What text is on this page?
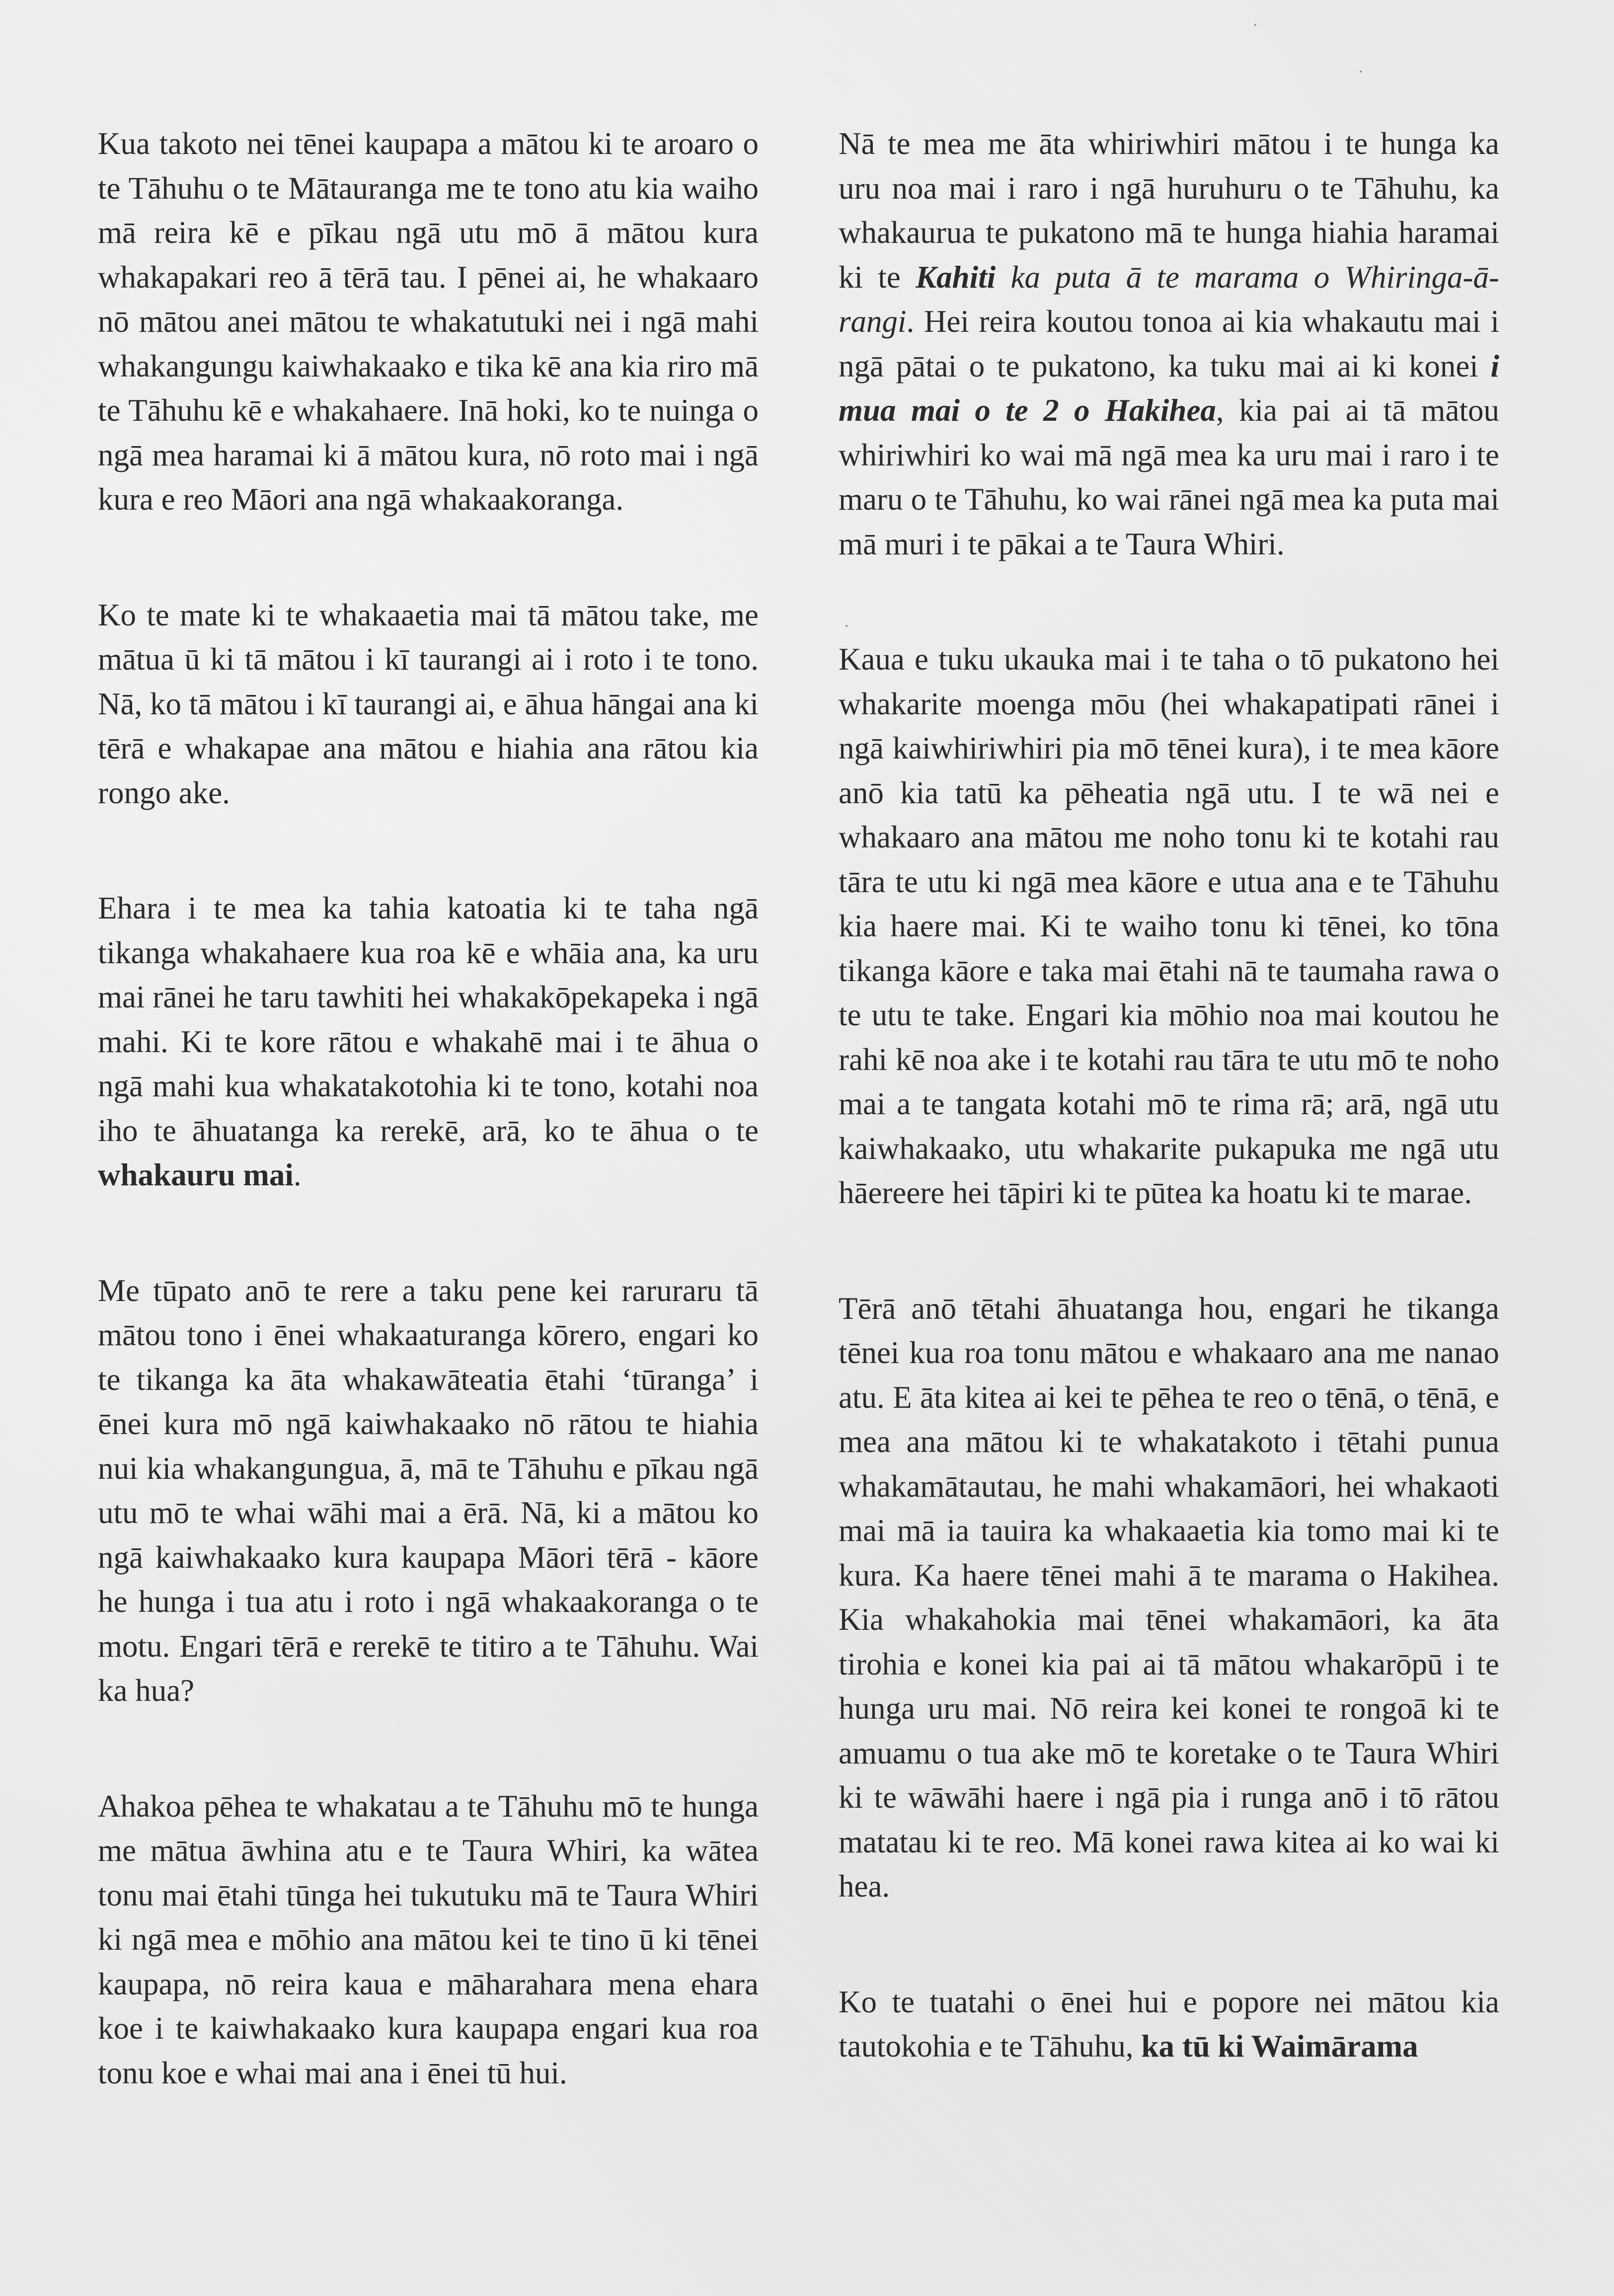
Kua takoto nei tēnei kaupapa a mātou ki te aroaro o te Tāhuhu o te Mātauranga me te tono atu kia waiho mā reira kē e pīkau ngā utu mō ā mātou kura whakapakari reo ā tērā tau. I pēnei ai, he whakaaro nō mātou anei mātou te whakatutuki nei i ngā mahi whakangungu kaiwhakaako e tika kē ana kia riro mā te Tāhuhu kē e whakahaere. Inā hoki, ko te nuinga o ngā mea haramai ki ā mātou kura, nō roto mai i ngā kura e reo Māori ana ngā whakaakoranga.

Ko te mate ki te whakaaetia mai tā mātou take, me mātua ū ki tā mātou i kī taurangi ai i roto i te tono. Nā, ko tā mātou i kī taurangi ai, e āhua hāngai ana ki tērā e whakapae ana mātou e hiahia ana rātou kia rongo ake.

Ehara i te mea ka tahia katoatia ki te taha ngā tikanga whakahaere kua roa kē e whāia ana, ka uru mai rānei he taru tawhiti hei whakakōpekapeka i ngā mahi. Ki te kore rātou e whakahē mai i te āhua o ngā mahi kua whakatakotohia ki te tono, kotahi noa iho te āhuatanga ka rerekē, arā, ko te āhua o te whakauru mai.

Me tūpato anō te rere a taku pene kei raruraru tā mātou tono i ēnei whakaaturanga kōrero, engari ko te tikanga ka āta whakawāteatia ētahi ‘tūranga’ i ēnei kura mō ngā kaiwhakaako nō rātou te hiahia nui kia whakangungua, ā, mā te Tāhuhu e pīkau ngā utu mō te whai wāhi mai a ērā. Nā, ki a mātou ko ngā kaiwhakaako kura kaupapa Māori tērā - kāore he hunga i tua atu i roto i ngā whakaakoranga o te motu. Engari tērā e rerekē te titiro a te Tāhuhu. Wai ka hua?

Ahakoa pēhea te whakatau a te Tāhuhu mō te hunga me mātua āwhina atu e te Taura Whiri, ka wātea tonu mai ētahi tūnga hei tukutuku mā te Taura Whiri ki ngā mea e mōhio ana mātou kei te tino ū ki tēnei kaupapa, nō reira kaua e māharahara mena ehara koe i te kaiwhakaako kura kaupapa engari kua roa tonu koe e whai mai ana i ēnei tū hui.

Nā te mea me āta whiriwhiri mātou i te hunga ka uru noa mai i raro i ngā huruhuru o te Tāhuhu, ka whakaurua te pukatono mā te hunga hiahia haramai ki te Kahiti ka puta ā te marama o Whiringa-ā-rangi. Hei reira koutou tonoa ai kia whakautu mai i ngā pātai o te pukatono, ka tuku mai ai ki konei i mua mai o te 2 o Hakihea, kia pai ai tā mātou whiriwhiri ko wai mā ngā mea ka uru mai i raro i te maru o te Tāhuhu, ko wai rānei ngā mea ka puta mai mā muri i te pākai a te Taura Whiri.

Kaua e tuku ukauka mai i te taha o tō pukatono hei whakarite moenga mōu (hei whakapatipati rānei i ngā kaiwhiriwhiri pia mō tēnei kura), i te mea kāore anō kia tatū ka pēheatia ngā utu. I te wā nei e whakaaro ana mātou me noho tonu ki te kotahi rau tāra te utu ki ngā mea kāore e utua ana e te Tāhuhu kia haere mai. Ki te waiho tonu ki tēnei, ko tōna tikanga kāore e taka mai ētahi nā te taumaha rawa o te utu te take. Engari kia mōhio noa mai koutou he rahi kē noa ake i te kotahi rau tāra te utu mō te noho mai a te tangata kotahi mō te rima rā; arā, ngā utu kaiwhakaako, utu whakarite pukapuka me ngā utu hāereere hei tāpiri ki te pūtea ka hoatu ki te marae.

Tērā anō tētahi āhuatanga hou, engari he tikanga tēnei kua roa tonu mātou e whakaaro ana me nanao atu. E āta kitea ai kei te pēhea te reo o tēnā, o tēnā, e mea ana mātou ki te whakatakoto i tētahi punua whakamātautau, he mahi whakamāori, hei whakaoti mai mā ia tauira ka whakaaetia kia tomo mai ki te kura. Ka haere tēnei mahi ā te marama o Hakihea. Kia whakahokia mai tēnei whakamāori, ka āta tirohia e konei kia pai ai tā mātou whakarōpū i te hunga uru mai. Nō reira kei konei te rongoā ki te amuamu o tua ake mō te koretake o te Taura Whiri ki te wāwāhi haere i ngā pia i runga anō i tō rātou matatau ki te reo. Mā konei rawa kitea ai ko wai ki hea.

Ko te tuatahi o ēnei hui e popore nei mātou kia tautokohia e te Tāhuhu, ka tū ki Waimārama
